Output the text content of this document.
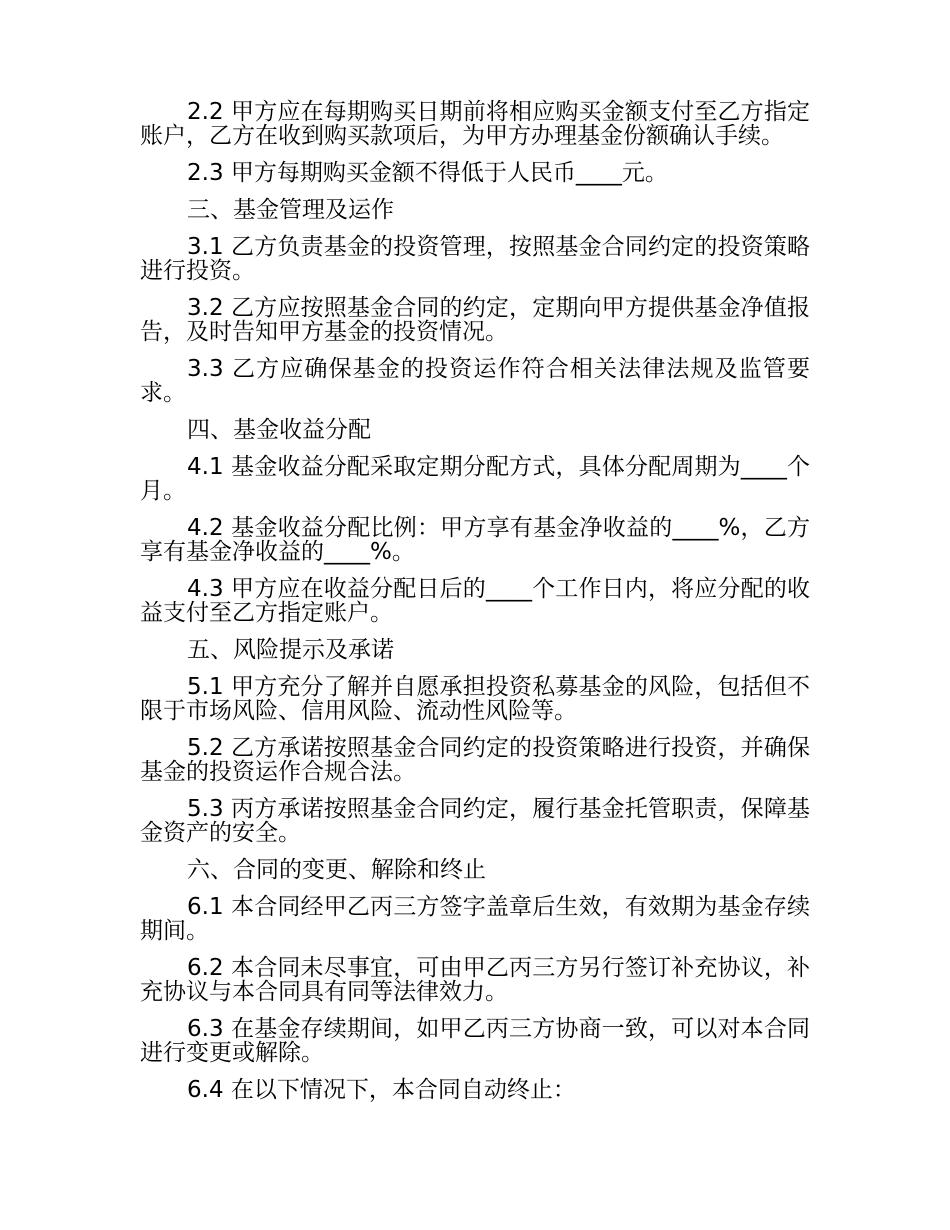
2.2 甲方应在每期购买日期前将相应购买金额支付至乙方指定账户，乙方在收到购买款项后，为甲方办理基金份额确认手续。

2.3 甲方每期购买金额不得低于人民币____元。

三、基金管理及运作

3.1 乙方负责基金的投资管理，按照基金合同约定的投资策略进行投资。

3.2 乙方应按照基金合同的约定，定期向甲方提供基金净值报告，及时告知甲方基金的投资情况。

3.3 乙方应确保基金的投资运作符合相关法律法规及监管要求。

四、基金收益分配

4.1 基金收益分配采取定期分配方式，具体分配周期为____个月。

4.2 基金收益分配比例：甲方享有基金净收益的____%，乙方享有基金净收益的____%。

4.3 甲方应在收益分配日后的____个工作日内，将应分配的收益支付至乙方指定账户。

五、风险提示及承诺

5.1 甲方充分了解并自愿承担投资私募基金的风险，包括但不限于市场风险、信用风险、流动性风险等。

5.2 乙方承诺按照基金合同约定的投资策略进行投资，并确保基金的投资运作合规合法。

5.3 丙方承诺按照基金合同约定，履行基金托管职责，保障基金资产的安全。

六、合同的变更、解除和终止

6.1 本合同经甲乙丙三方签字盖章后生效，有效期为基金存续期间。

6.2 本合同未尽事宜，可由甲乙丙三方另行签订补充协议，补充协议与本合同具有同等法律效力。

6.3 在基金存续期间，如甲乙丙三方协商一致，可以对本合同进行变更或解除。

6.4 在以下情况下，本合同自动终止：
